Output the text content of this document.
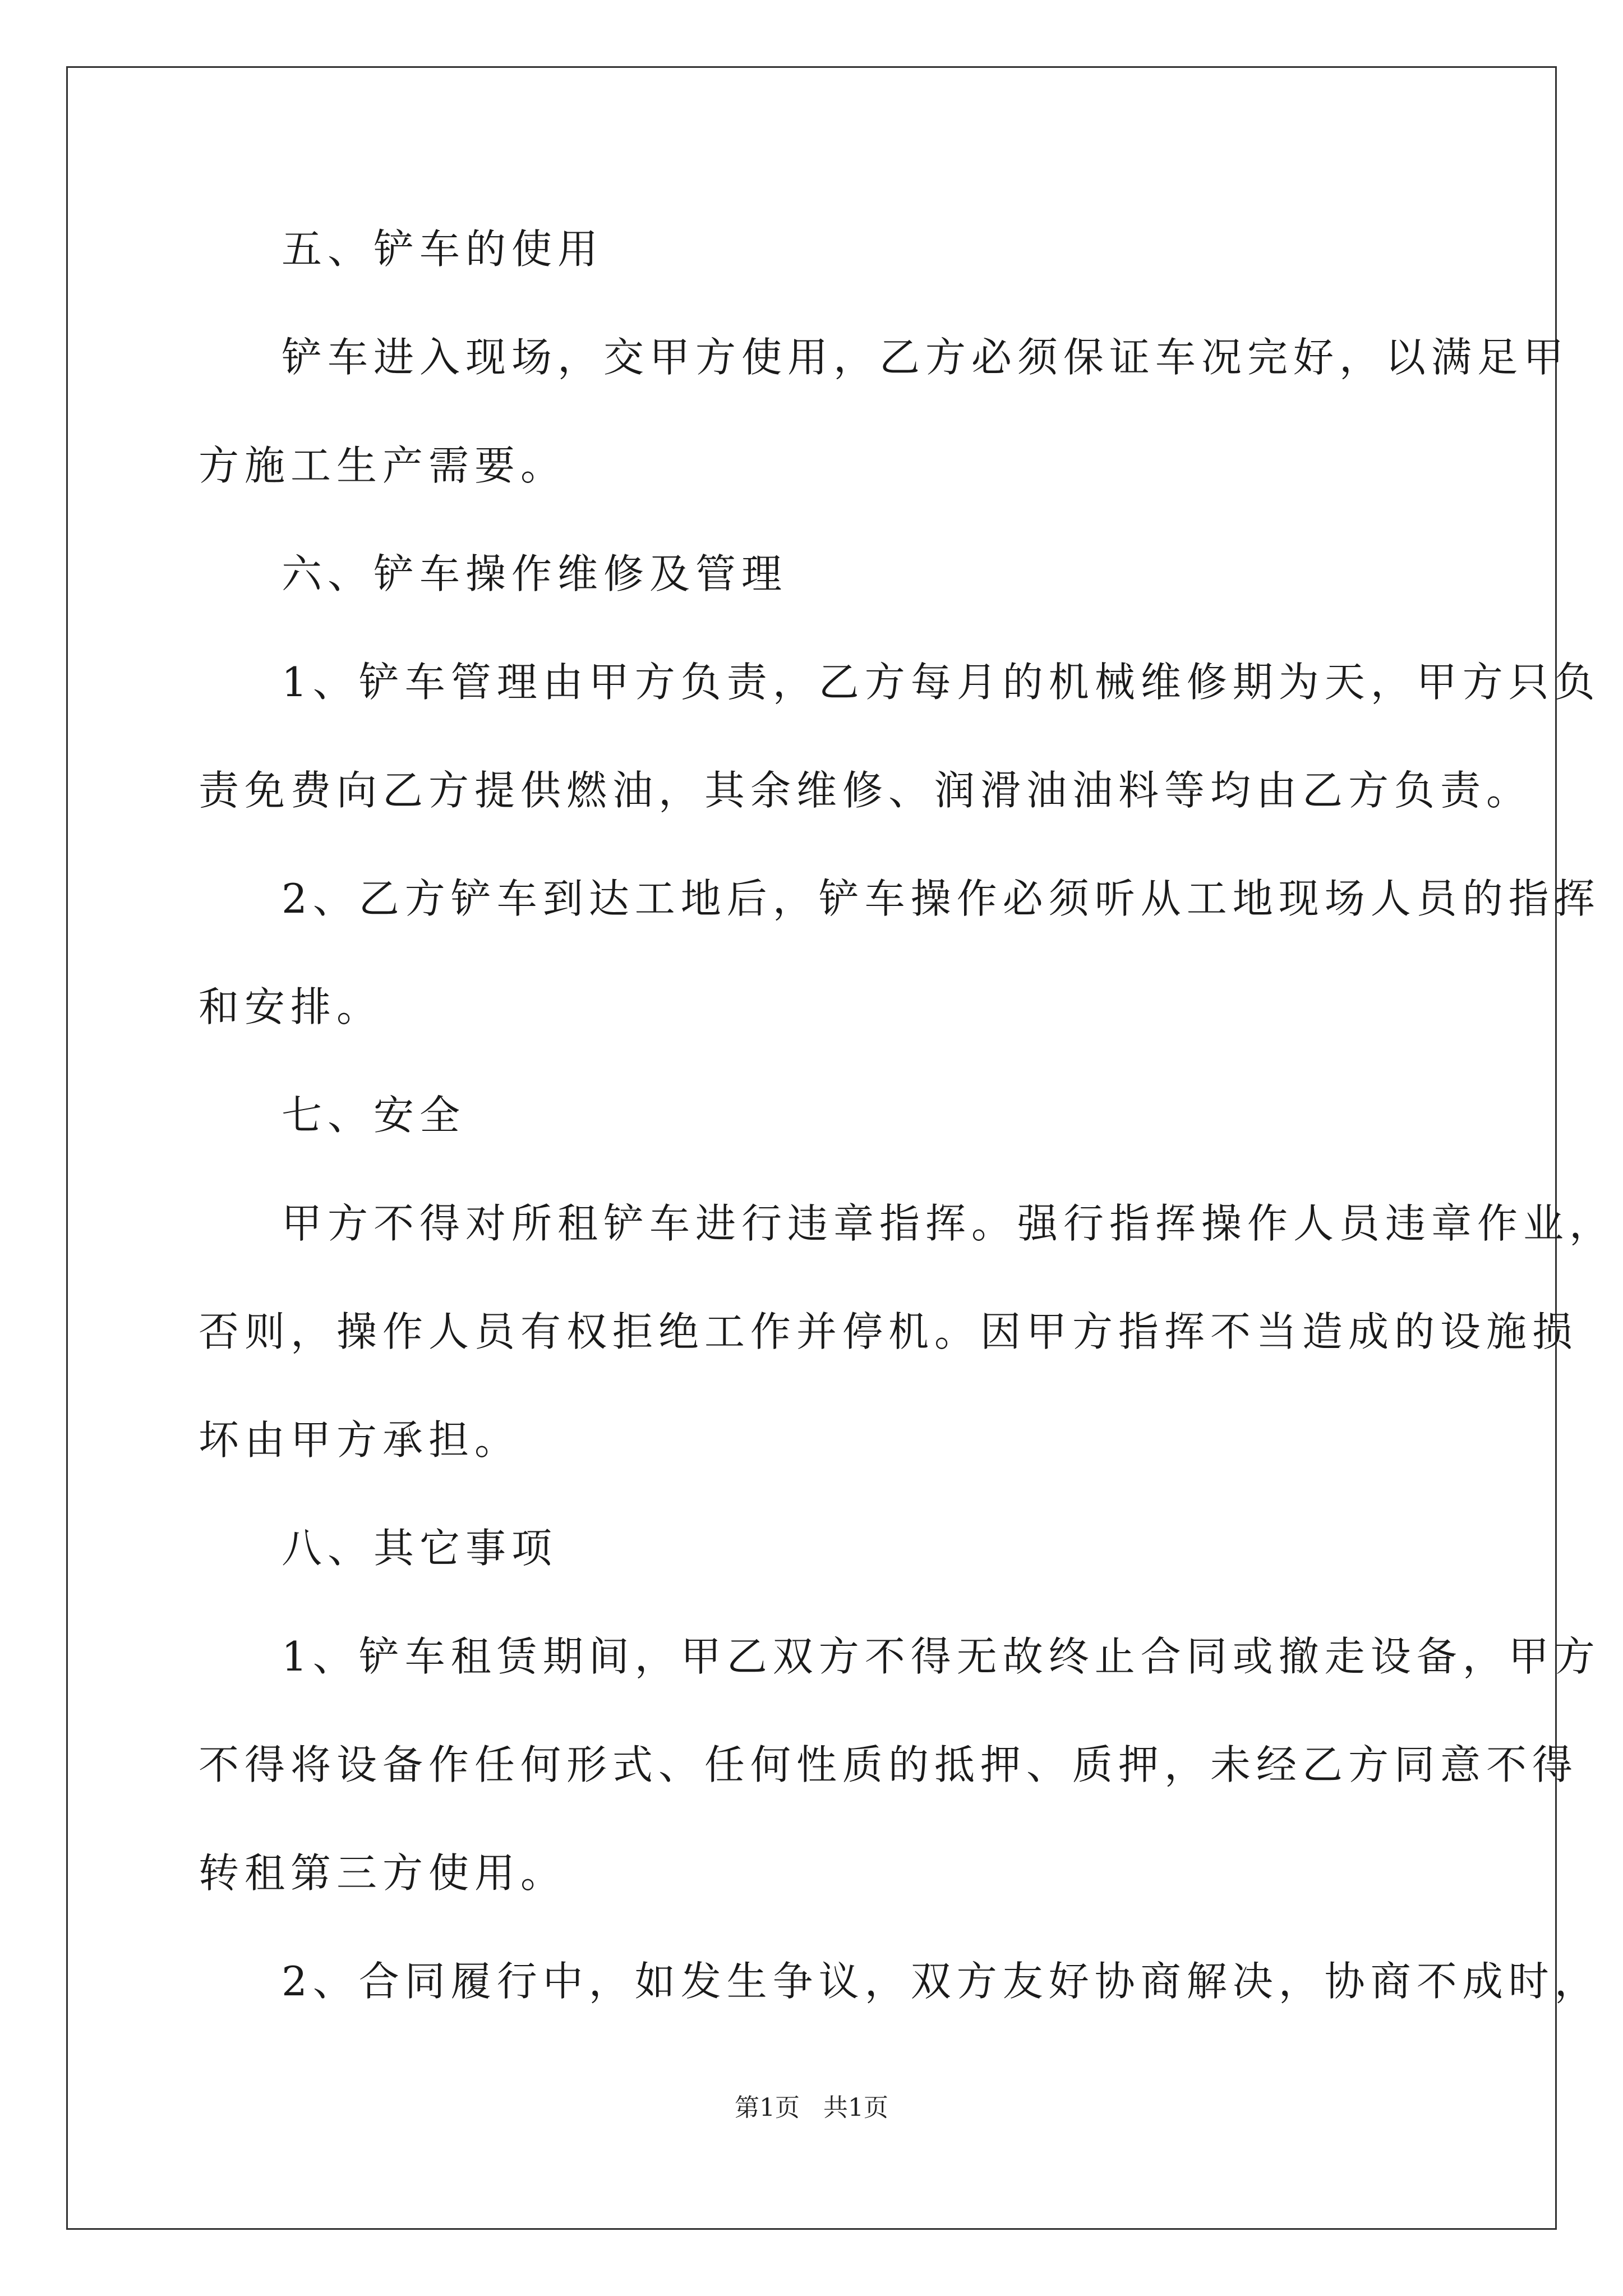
五、铲车的使用

铲车进入现场，交甲方使用，乙方必须保证车况完好，以满足甲

方施工生产需要。

六、铲车操作维修及管理

1、铲车管理由甲方负责，乙方每月的机械维修期为天，甲方只负

责免费向乙方提供燃油，其余维修、润滑油油料等均由乙方负责。

2、乙方铲车到达工地后，铲车操作必须听从工地现场人员的指挥

和安排。

七、安全

甲方不得对所租铲车进行违章指挥。强行指挥操作人员违章作业，

否则，操作人员有权拒绝工作并停机。因甲方指挥不当造成的设施损

坏由甲方承担。

八、其它事项

1、铲车租赁期间，甲乙双方不得无故终止合同或撤走设备，甲方

不得将设备作任何形式、任何性质的抵押、质押，未经乙方同意不得

转租第三方使用。

2、合同履行中，如发生争议，双方友好协商解决，协商不成时，

第1页   共1页
